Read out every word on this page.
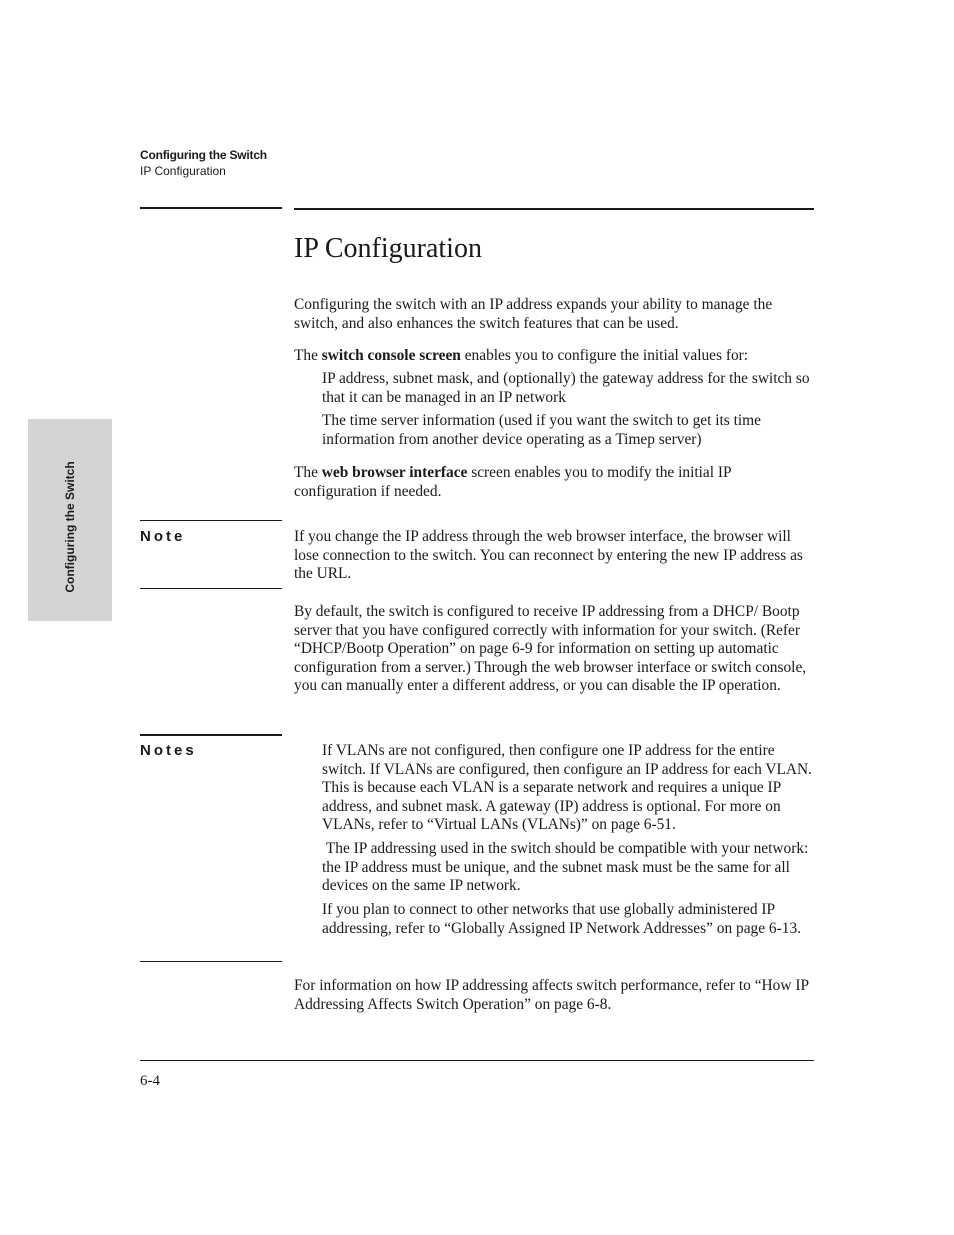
Configuring the Switch
IP Configuration
Configuring the Switch
IP Configuration

Configuring the switch with an IP address expands your ability to manage the switch, and also enhances the switch features that can be used.

The switch console screen enables you to configure the initial values for:

IP address, subnet mask, and (optionally) the gateway address for the switch so that it can be managed in an IP network

The time server information (used if you want the switch to get its time information from another device operating as a Timep server)

The web browser interface screen enables you to modify the initial IP configuration if needed.

Note	If you change the IP address through the web browser interface, the browser will lose connection to the switch. You can reconnect by entering the new IP address as the URL.

By default, the switch is configured to receive IP addressing from a DHCP/ Bootp server that you have configured correctly with information for your switch. (Refer “DHCP/Bootp Operation” on page 6-9 for information on setting up automatic configuration from a server.) Through the web browser interface or switch console, you can manually enter a different address, or you can disable the IP operation.

Notes	If VLANs are not configured, then configure one IP address for the entire switch. If VLANs are configured, then configure an IP address for each VLAN. This is because each VLAN is a separate network and requires a unique IP address, and subnet mask. A gateway (IP) address is optional. For more on VLANs, refer to “Virtual LANs (VLANs)” on page 6-51.

The IP addressing used in the switch should be compatible with your network: the IP address must be unique, and the subnet mask must be the same for all devices on the same IP network.

If you plan to connect to other networks that use globally administered IP addressing, refer to “Globally Assigned IP Network Addresses” on page 6-13.

For information on how IP addressing affects switch performance, refer to “How IP Addressing Affects Switch Operation” on page 6-8.

6-4
